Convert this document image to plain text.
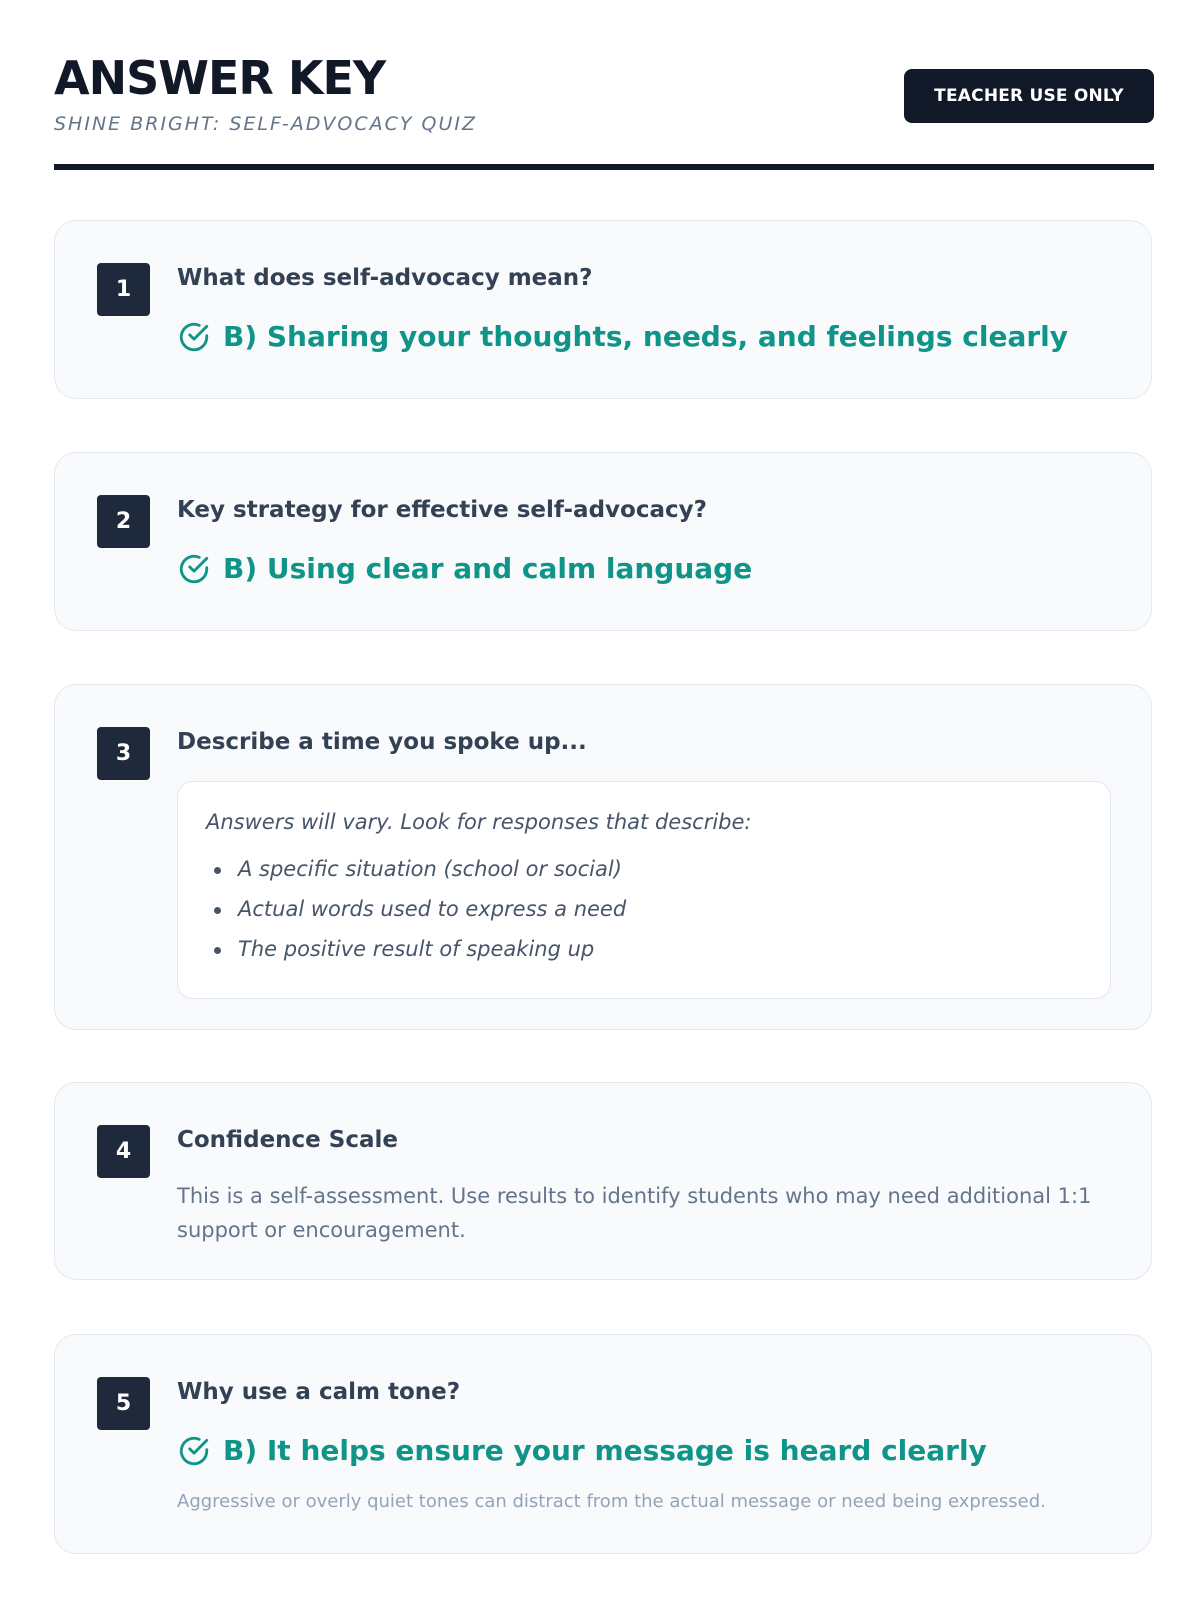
ANSWER KEY
SHINE BRIGHT: SELF-ADVOCACY QUIZ
TEACHER USE ONLY
1	What does self-advocacy mean?
B) Sharing your thoughts, needs, and feelings clearly
2	Key strategy for effective self-advocacy?
B) Using clear and calm language
3	Describe a time you spoke up...
Answers will vary. Look for responses that describe:
A specific situation (school or social)
Actual words used to express a need
The positive result of speaking up
4	Confidence Scale
This is a self-assessment. Use results to identify students who may need additional 1:1 support or encouragement.
5	Why use a calm tone?
B) It helps ensure your message is heard clearly
Aggressive or overly quiet tones can distract from the actual message or need being expressed.
